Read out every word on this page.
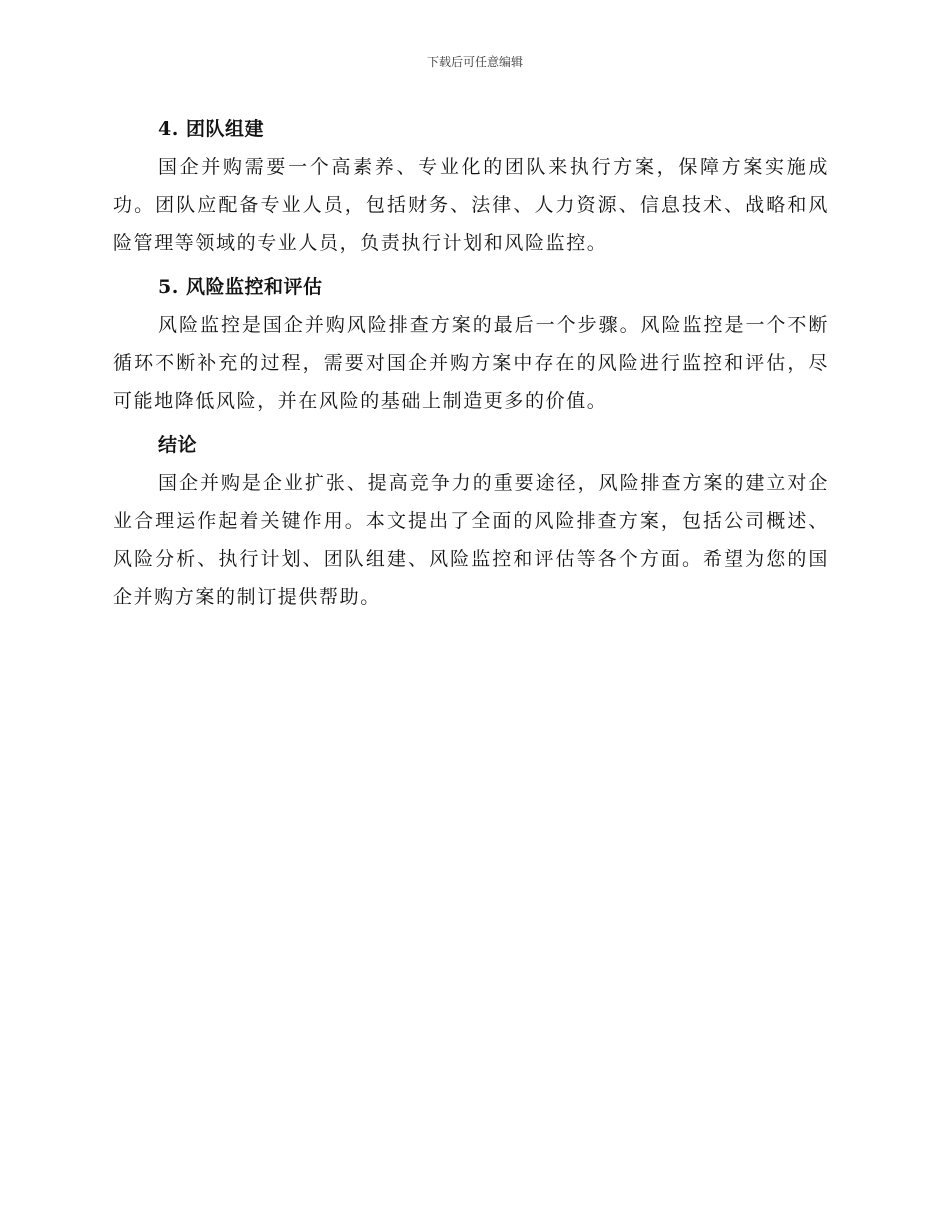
下载后可任意编辑
4. 团队组建

国企并购需要一个高素养、专业化的团队来执行方案，保障方案实施成功。团队应配备专业人员，包括财务、法律、人力资源、信息技术、战略和风险管理等领域的专业人员，负责执行计划和风险监控。

5. 风险监控和评估

风险监控是国企并购风险排查方案的最后一个步骤。风险监控是一个不断循环不断补充的过程，需要对国企并购方案中存在的风险进行监控和评估，尽可能地降低风险，并在风险的基础上制造更多的价值。

结论

国企并购是企业扩张、提高竞争力的重要途径，风险排查方案的建立对企业合理运作起着关键作用。本文提出了全面的风险排查方案，包括公司概述、风险分析、执行计划、团队组建、风险监控和评估等各个方面。希望为您的国企并购方案的制订提供帮助。
